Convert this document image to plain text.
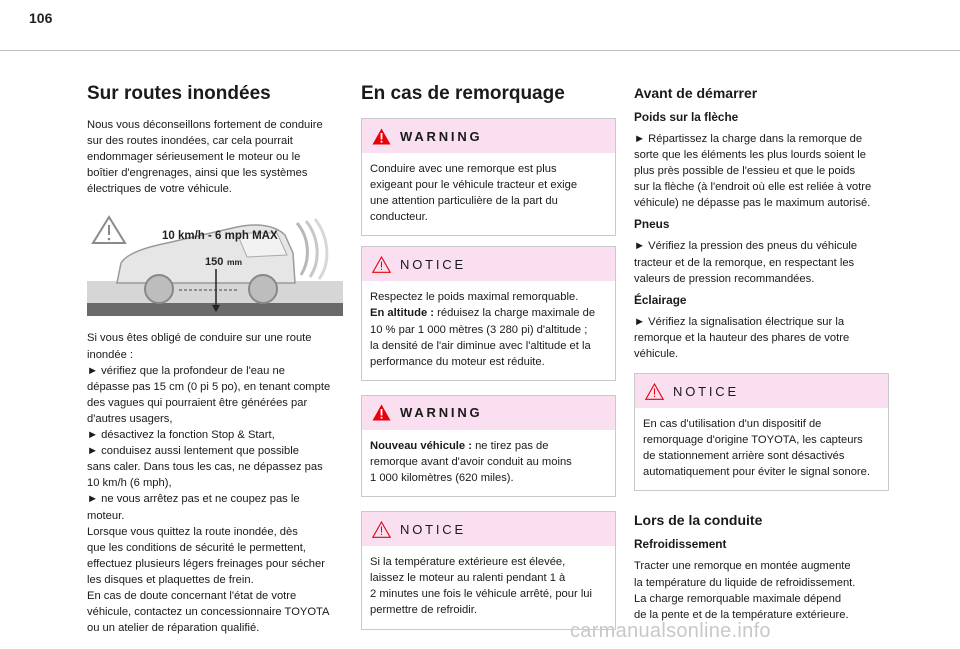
106
Sur routes inondées
Nous vous déconseillons fortement de conduire
sur des routes inondées, car cela pourrait
endommager sérieusement le moteur ou le
boîtier d'engrenages, ainsi que les systèmes
électriques de votre véhicule.
10 km/h - 6 mph MAX
150 mm
Si vous êtes obligé de conduire sur une route
inondée :
► vérifiez que la profondeur de l'eau ne
dépasse pas 15 cm (0 pi 5 po), en tenant compte
des vagues qui pourraient être générées par
d'autres usagers,
► désactivez la fonction Stop & Start,
► conduisez aussi lentement que possible
sans caler. Dans tous les cas, ne dépassez pas
10 km/h (6 mph),
► ne vous arrêtez pas et ne coupez pas le
moteur.
Lorsque vous quittez la route inondée, dès
que les conditions de sécurité le permettent,
effectuez plusieurs légers freinages pour sécher
les disques et plaquettes de frein.
En cas de doute concernant l'état de votre
véhicule, contactez un concessionnaire TOYOTA
ou un atelier de réparation qualifié.
En cas de remorquage
WARNING
Conduire avec une remorque est plus
exigeant pour le véhicule tracteur et exige
une attention particulière de la part du
conducteur.
NOTICE
Respectez le poids maximal remorquable.
En altitude : réduisez la charge maximale de
10 % par 1 000 mètres (3 280 pi) d'altitude ;
la densité de l'air diminue avec l'altitude et la
performance du moteur est réduite.
WARNING
Nouveau véhicule : ne tirez pas de
remorque avant d'avoir conduit au moins
1 000 kilomètres (620 miles).
NOTICE
Si la température extérieure est élevée,
laissez le moteur au ralenti pendant 1 à
2 minutes une fois le véhicule arrêté, pour lui
permettre de refroidir.
Avant de démarrer
Poids sur la flèche
► Répartissez la charge dans la remorque de
sorte que les éléments les plus lourds soient le
plus près possible de l'essieu et que le poids
sur la flèche (à l'endroit où elle est reliée à votre
véhicule) ne dépasse pas le maximum autorisé.
Pneus
► Vérifiez la pression des pneus du véhicule
tracteur et de la remorque, en respectant les
valeurs de pression recommandées.
Éclairage
► Vérifiez la signalisation électrique sur la
remorque et la hauteur des phares de votre
véhicule.
NOTICE
En cas d'utilisation d'un dispositif de
remorquage d'origine TOYOTA, les capteurs
de stationnement arrière sont désactivés
automatiquement pour éviter le signal sonore.
Lors de la conduite
Refroidissement
Tracter une remorque en montée augmente
la température du liquide de refroidissement.
La charge remorquable maximale dépend
de la pente et de la température extérieure.
carmanualsonline.info
